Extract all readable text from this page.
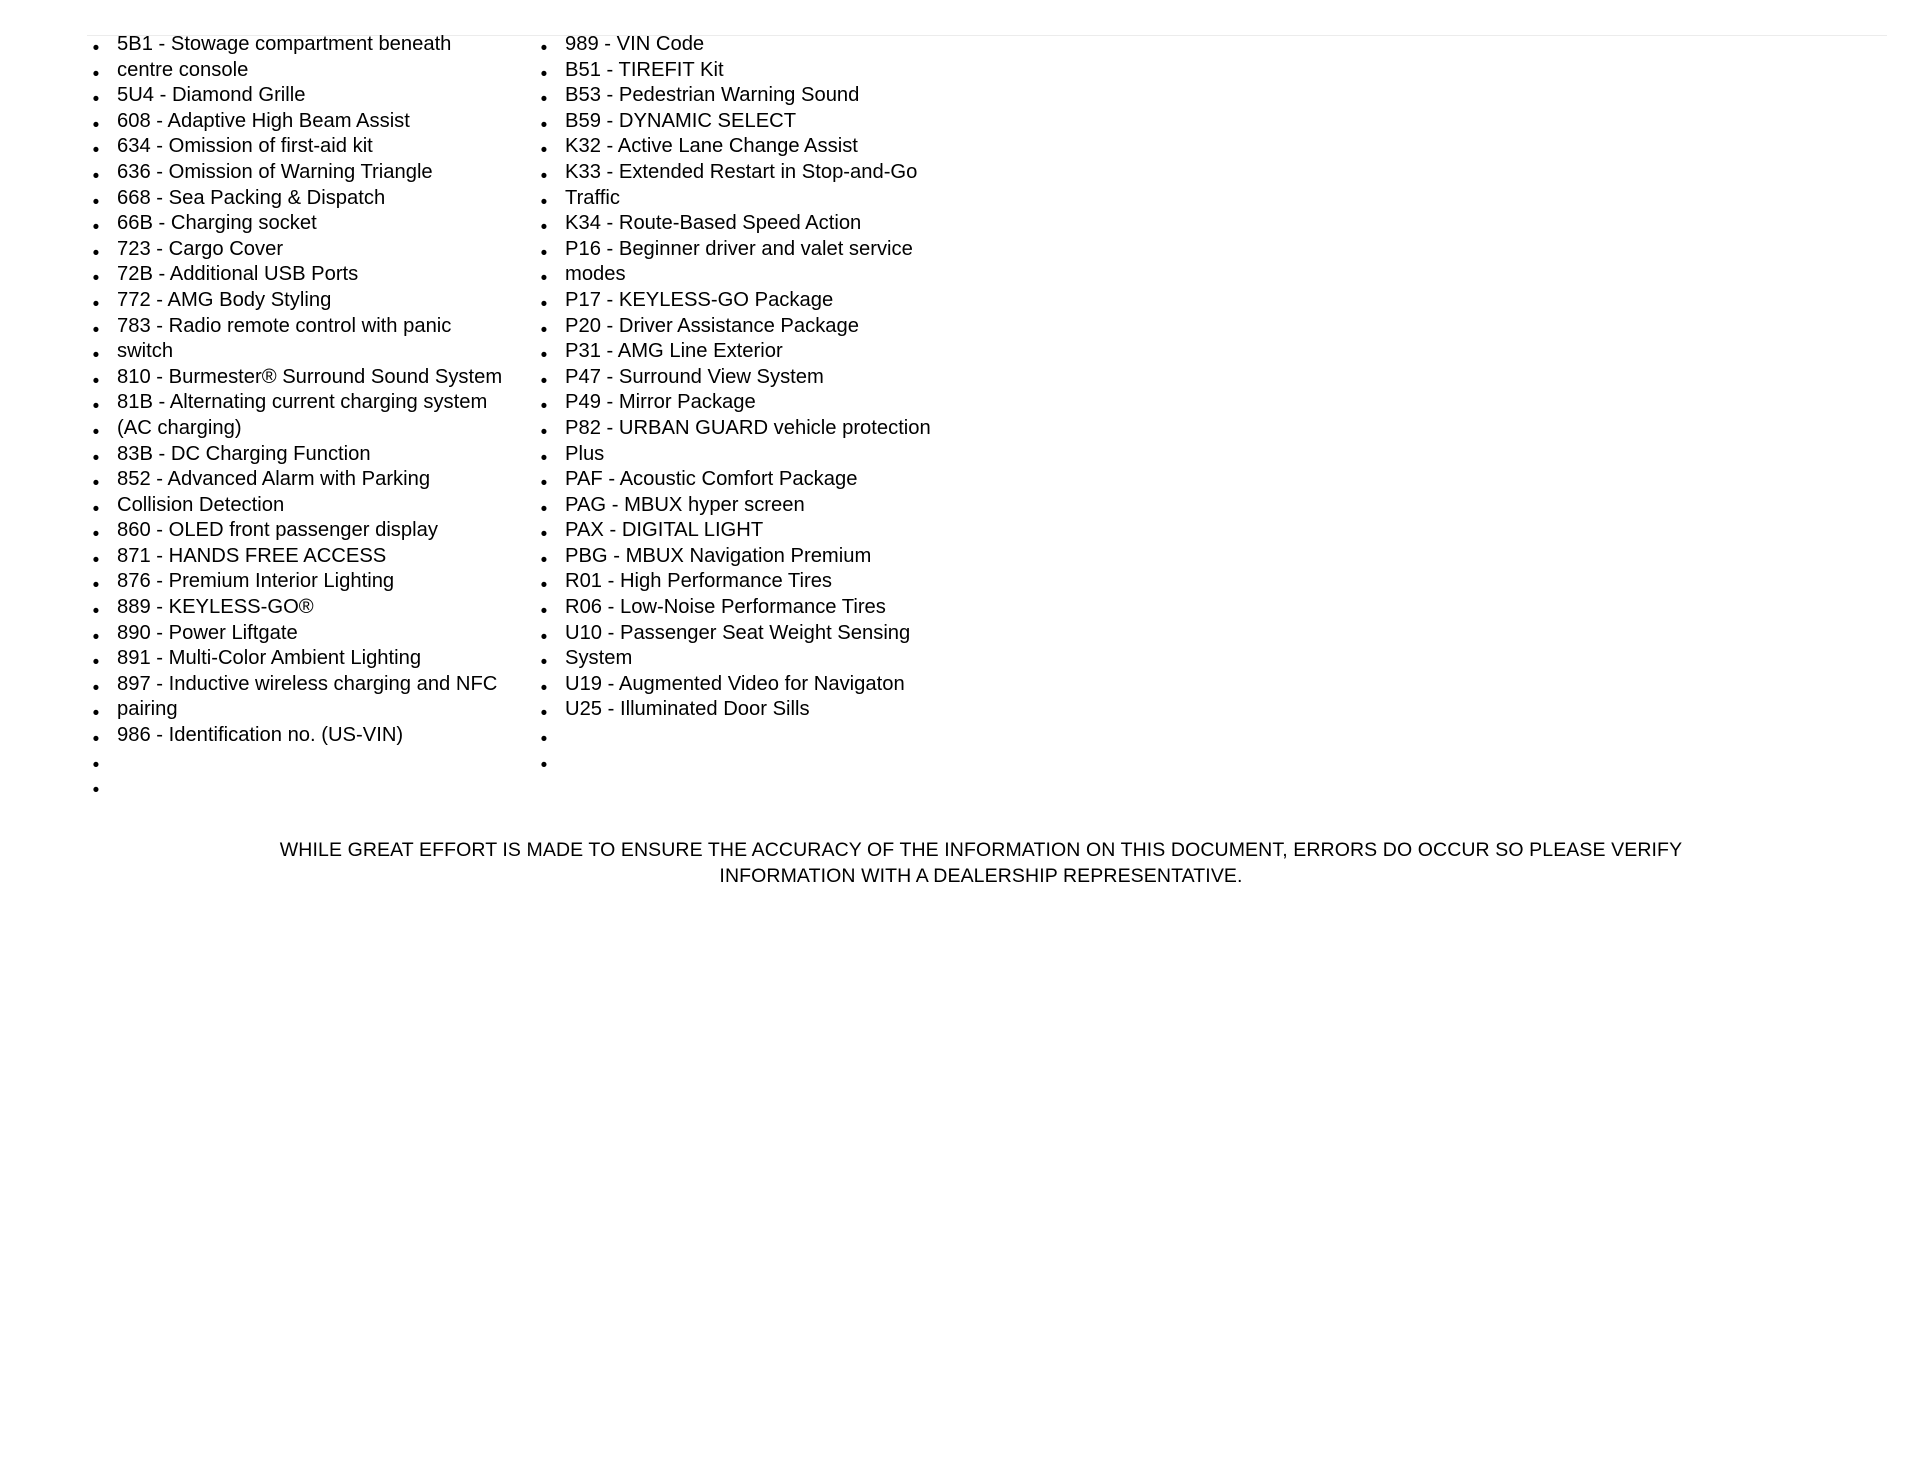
•
•
•
•
•
•
•
•
•
•
•
•
•
•
•
•
•
•
•
•
•
•
•
•
•
•
•
•
•
•
5B1 - Stowage compartment beneath
centre console
5U4 - Diamond Grille
608 - Adaptive High Beam Assist
634 - Omission of first-aid kit
636 - Omission of Warning Triangle
668 - Sea Packing & Dispatch
66B - Charging socket
723 - Cargo Cover
72B - Additional USB Ports
772 - AMG Body Styling
783 - Radio remote control with panic
switch
810 - Burmester® Surround Sound System
81B - Alternating current charging system
(AC charging)
83B - DC Charging Function
852 - Advanced Alarm with Parking
Collision Detection
860 - OLED front passenger display
871 - HANDS FREE ACCESS
876 - Premium Interior Lighting
889 - KEYLESS-GO®
890 - Power Liftgate
891 - Multi-Color Ambient Lighting
897 - Inductive wireless charging and NFC
pairing
986 - Identification no. (US-VIN)
•
•
•
•
•
•
•
•
•
•
•
•
•
•
•
•
•
•
•
•
•
•
•
•
•
•
•
•
•
989 - VIN Code
B51 - TIREFIT Kit
B53 - Pedestrian Warning Sound
B59 - DYNAMIC SELECT
K32 - Active Lane Change Assist
K33 - Extended Restart in Stop-and-Go
Traffic
K34 - Route-Based Speed Action
P16 - Beginner driver and valet service
modes
P17 - KEYLESS-GO Package
P20 - Driver Assistance Package
P31 - AMG Line Exterior
P47 - Surround View System
P49 - Mirror Package
P82 - URBAN GUARD vehicle protection
Plus
PAF - Acoustic Comfort Package
PAG - MBUX hyper screen
PAX - DIGITAL LIGHT
PBG - MBUX Navigation Premium
R01 - High Performance Tires
R06 - Low-Noise Performance Tires
U10 - Passenger Seat Weight Sensing
System
U19 - Augmented Video for Navigaton
U25 - Illuminated Door Sills
WHILE GREAT EFFORT IS MADE TO ENSURE THE ACCURACY OF THE INFORMATION ON THIS DOCUMENT, ERRORS DO OCCUR SO PLEASE VERIFY
INFORMATION WITH A DEALERSHIP REPRESENTATIVE.
